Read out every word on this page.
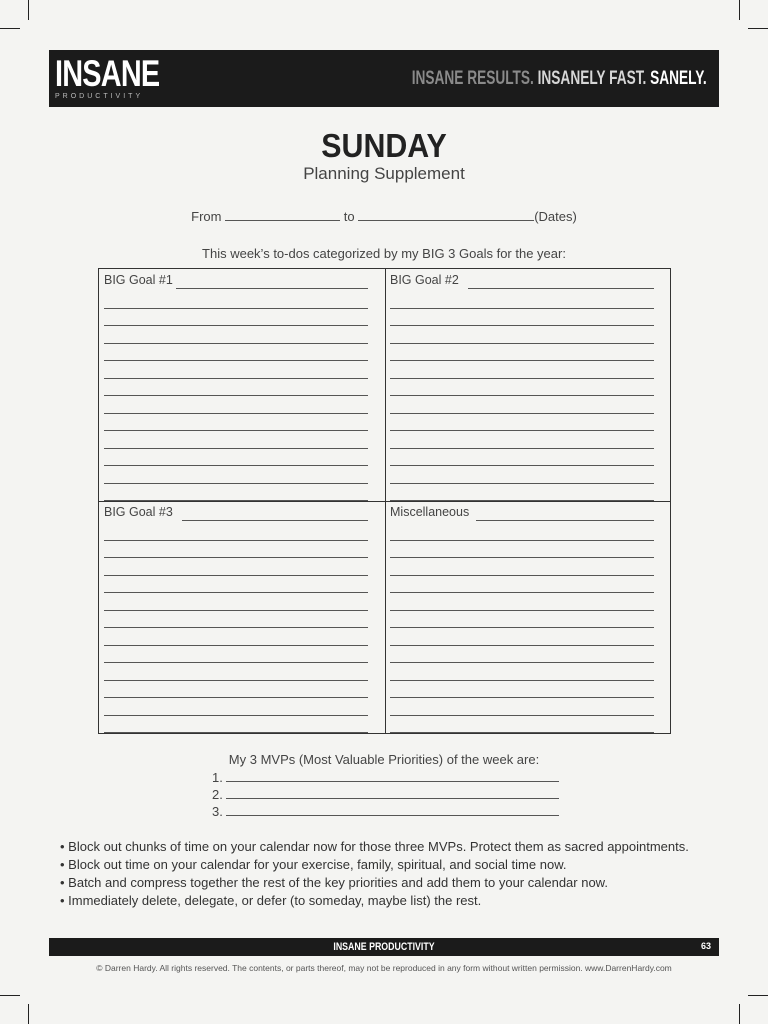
INSANE
PRODUCTIVITY
INSANE RESULTS. INSANELY FAST. SANELY.
SUNDAY
Planning Supplement
From	to	(Dates)
This week’s to-dos categorized by my BIG 3 Goals for the year:
BIG Goal #1	BIG Goal #2
BIG Goal #3	Miscellaneous
My 3 MVPs (Most Valuable Priorities) of the week are:
1.
2.
3.
• Block out chunks of time on your calendar now for those three MVPs. Protect them as sacred appointments.
• Block out time on your calendar for your exercise, family, spiritual, and social time now.
• Batch and compress together the rest of the key priorities and add them to your calendar now.
• Immediately delete, delegate, or defer (to someday, maybe list) the rest.
INSANE PRODUCTIVITY	63
© Darren Hardy. All rights reserved. The contents, or parts thereof, may not be reproduced in any form without written permission. www.DarrenHardy.com
